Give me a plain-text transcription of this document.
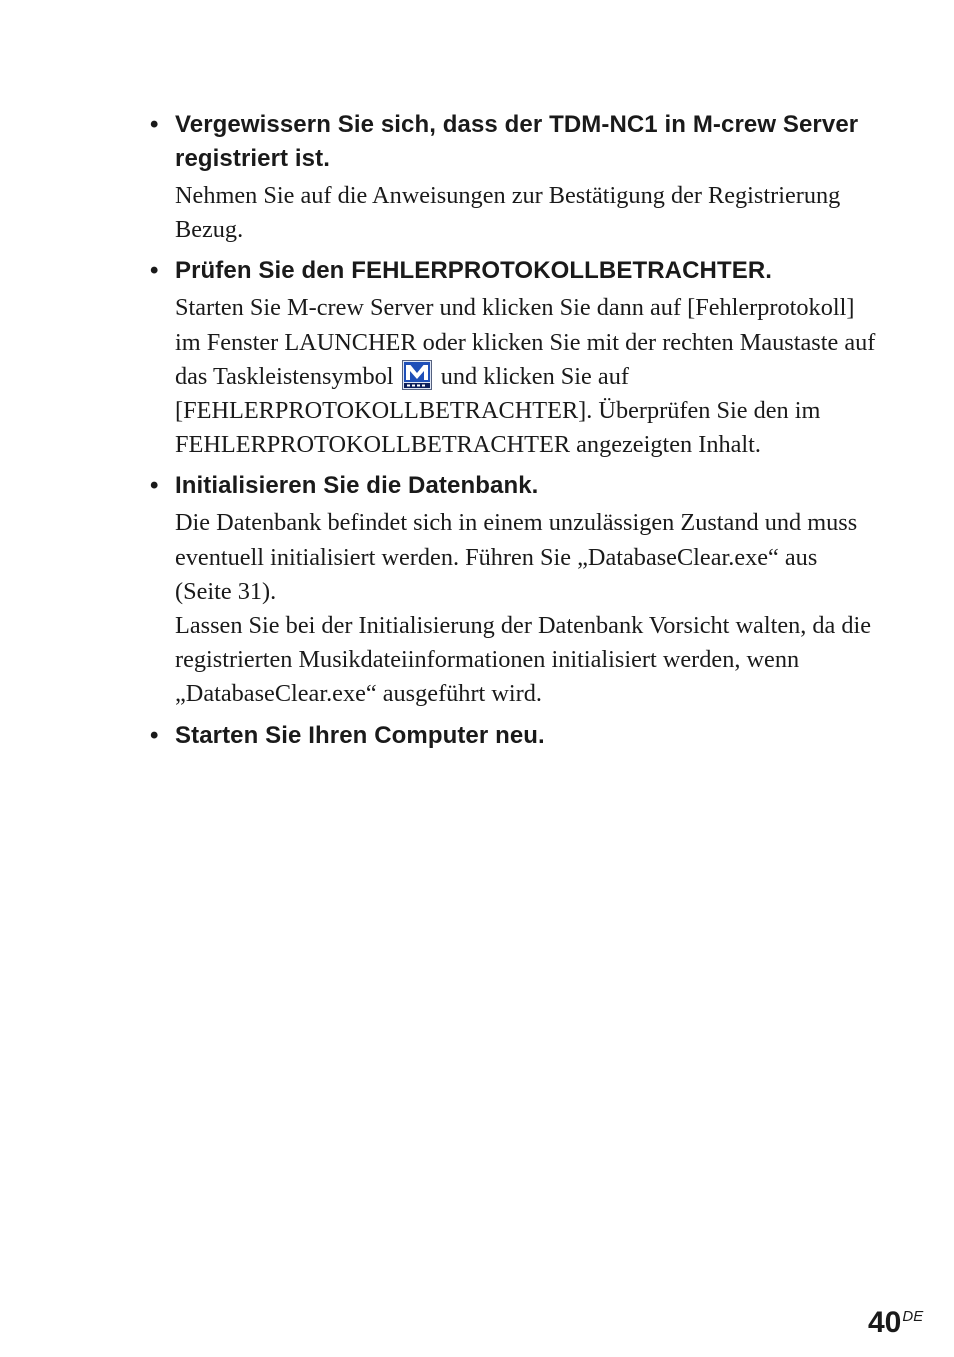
• Vergewissern Sie sich, dass der TDM-NC1 in M-crew Server registriert ist.

Nehmen Sie auf die Anweisungen zur Bestätigung der Registrierung Bezug.

• Prüfen Sie den FEHLERPROTOKOLLBETRACHTER.

Starten Sie M-crew Server und klicken Sie dann auf [Fehlerprotokoll] im Fenster LAUNCHER oder klicken Sie mit der rechten Maustaste auf das Taskleistensymbol und klicken Sie auf [FEHLERPROTOKOLLBETRACHTER]. Überprüfen Sie den im FEHLERPROTOKOLLBETRACHTER angezeigten Inhalt.

• Initialisieren Sie die Datenbank.

Die Datenbank befindet sich in einem unzulässigen Zustand und muss eventuell initialisiert werden. Führen Sie „DatabaseClear.exe“ aus (Seite 31).

Lassen Sie bei der Initialisierung der Datenbank Vorsicht walten, da die registrierten Musikdateiinformationen initialisiert werden, wenn „DatabaseClear.exe“ ausgeführt wird.

• Starten Sie Ihren Computer neu.

40DE
